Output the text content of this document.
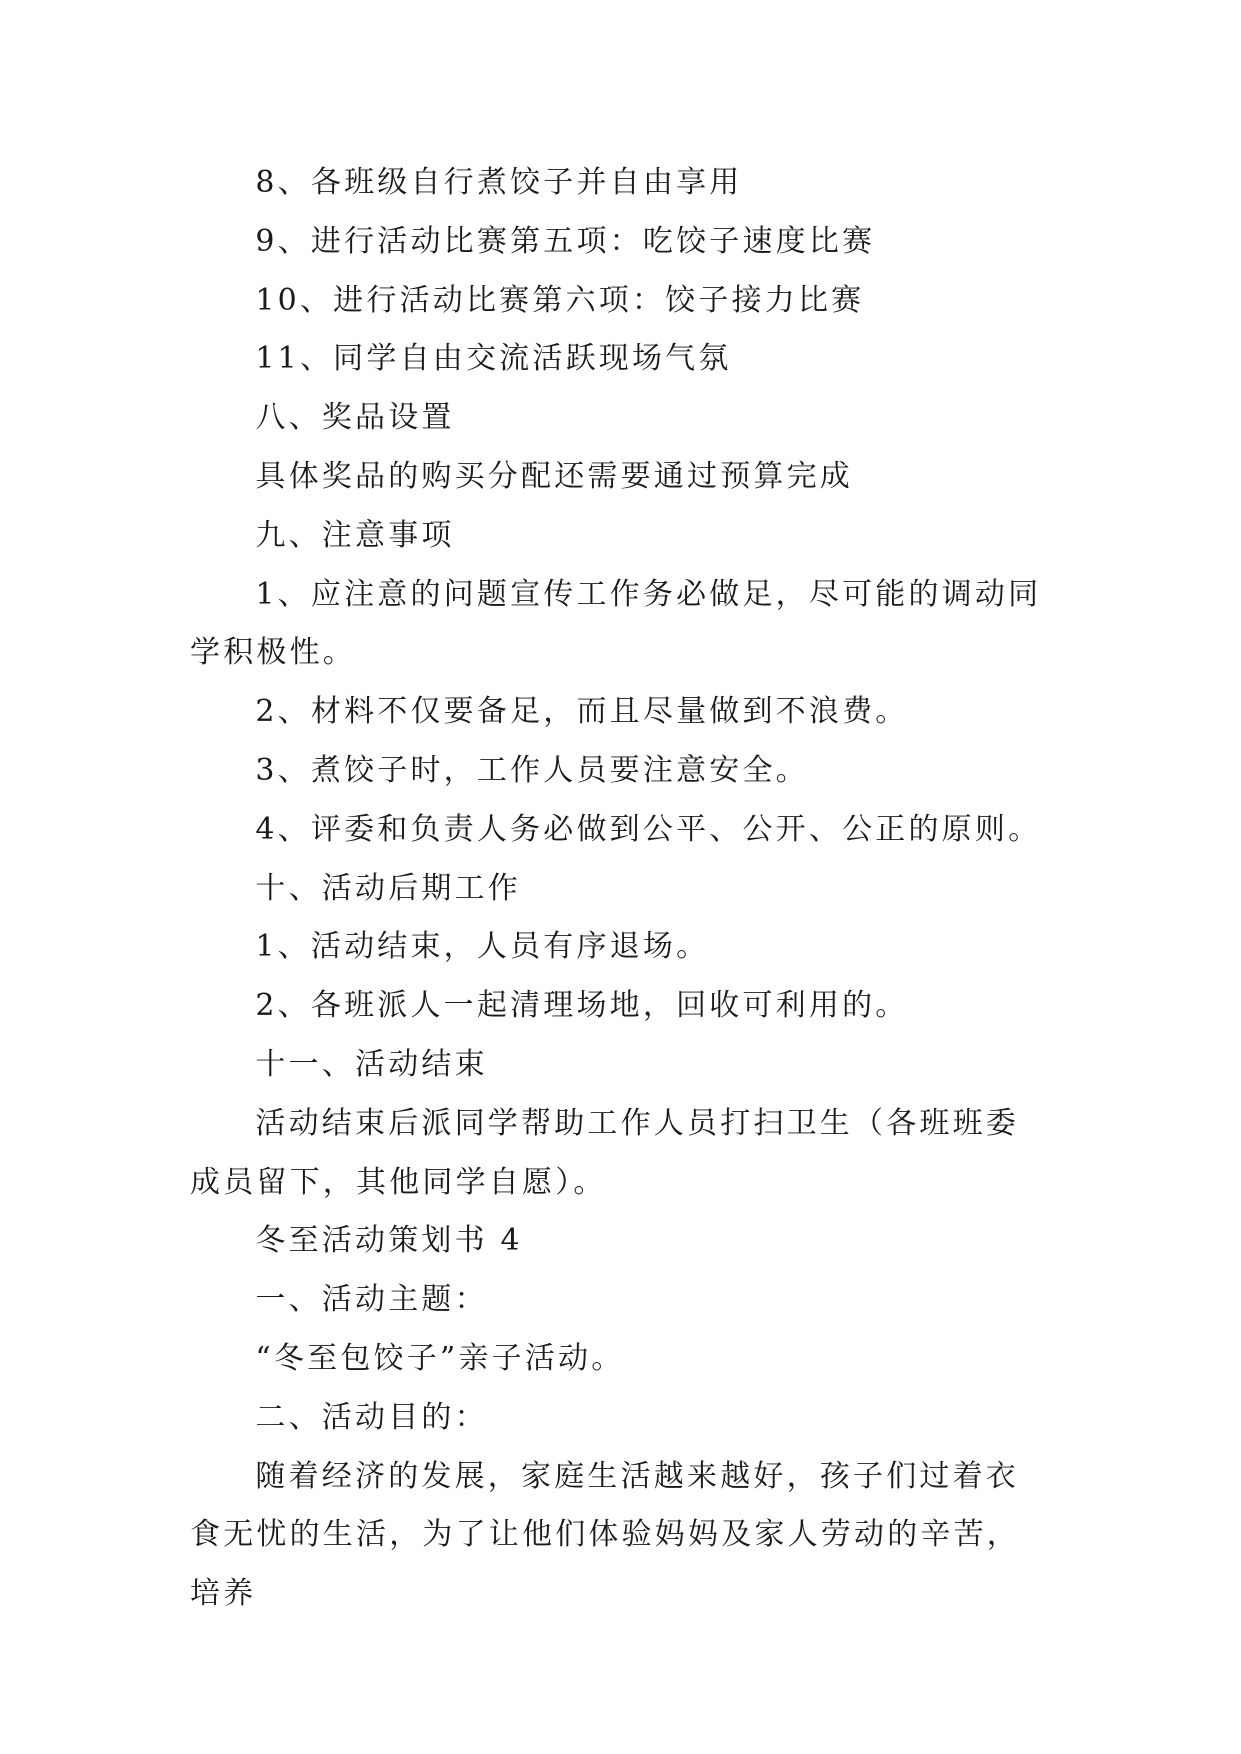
8、各班级自行煮饺子并自由享用

9、进行活动比赛第五项：吃饺子速度比赛

10、进行活动比赛第六项：饺子接力比赛

11、同学自由交流活跃现场气氛

八、奖品设置

具体奖品的购买分配还需要通过预算完成

九、注意事项

1、应注意的问题宣传工作务必做足，尽可能的调动同学积极性。

2、材料不仅要备足，而且尽量做到不浪费。

3、煮饺子时，工作人员要注意安全。

4、评委和负责人务必做到公平、公开、公正的原则。

十、活动后期工作

1、活动结束，人员有序退场。

2、各班派人一起清理场地，回收可利用的。

十一、活动结束

活动结束后派同学帮助工作人员打扫卫生（各班班委成员留下，其他同学自愿）。

冬至活动策划书 4

一、活动主题：

“冬至包饺子”亲子活动。

二、活动目的：

随着经济的发展，家庭生活越来越好，孩子们过着衣食无忧的生活，为了让他们体验妈妈及家人劳动的辛苦，培养
